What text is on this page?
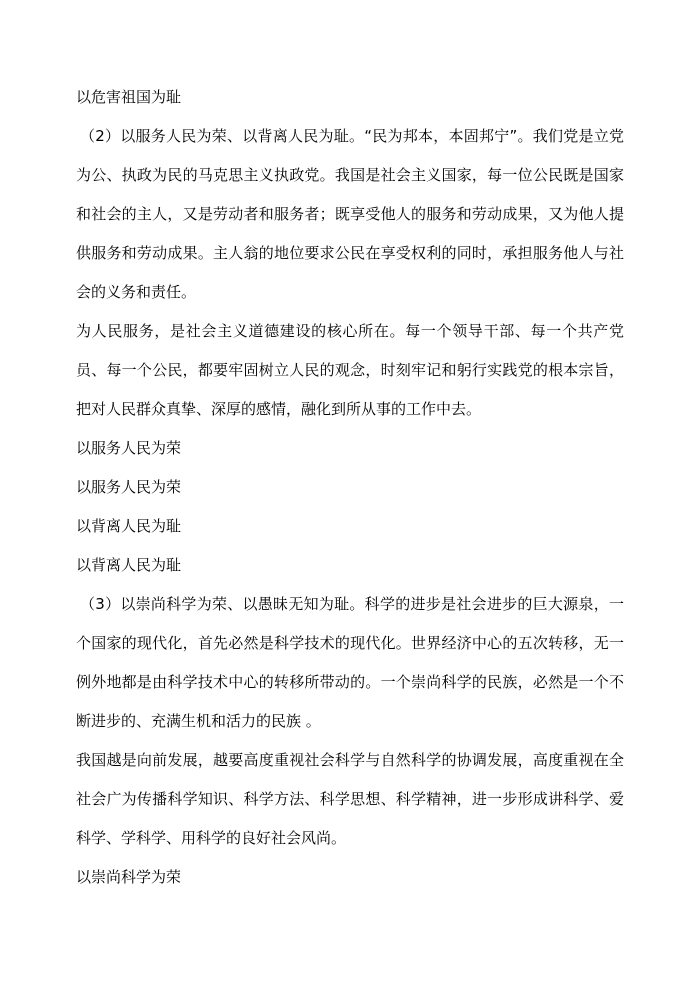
以危害祖国为耻

（2）以服务人民为荣、以背离人民为耻。“民为邦本，本固邦宁”。我们党是立党为公、执政为民的马克思主义执政党。我国是社会主义国家，每一位公民既是国家和社会的主人，又是劳动者和服务者；既享受他人的服务和劳动成果，又为他人提供服务和劳动成果。主人翁的地位要求公民在享受权利的同时，承担服务他人与社会的义务和责任。

为人民服务，是社会主义道德建设的核心所在。每一个领导干部、每一个共产党员、每一个公民，都要牢固树立人民的观念，时刻牢记和躬行实践党的根本宗旨，把对人民群众真挚、深厚的感情，融化到所从事的工作中去。

以服务人民为荣

以服务人民为荣

以背离人民为耻

以背离人民为耻

（3）以崇尚科学为荣、以愚昧无知为耻。科学的进步是社会进步的巨大源泉，一个国家的现代化，首先必然是科学技术的现代化。世界经济中心的五次转移，无一例外地都是由科学技术中心的转移所带动的。一个崇尚科学的民族，必然是一个不断进步的、充满生机和活力的民族 。

我国越是向前发展，越要高度重视社会科学与自然科学的协调发展，高度重视在全社会广为传播科学知识、科学方法、科学思想、科学精神，进一步形成讲科学、爱科学、学科学、用科学的良好社会风尚。

以崇尚科学为荣
